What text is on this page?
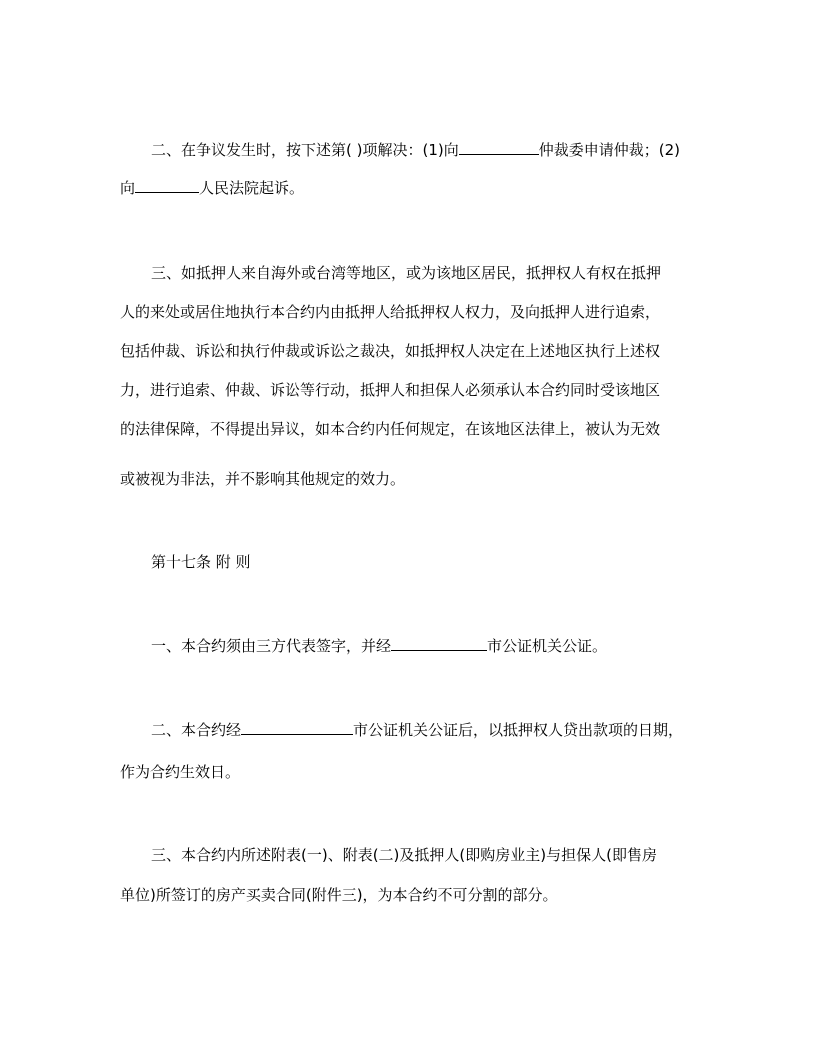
二、在争议发生时，按下述第( )项解决：(1)向	仲裁委申请仲裁；(2)
向	人民法院起诉。
三、如抵押人来自海外或台湾等地区，或为该地区居民，抵押权人有权在抵押
人的来处或居住地执行本合约内由抵押人给抵押权人权力，及向抵押人进行追索，
包括仲裁、诉讼和执行仲裁或诉讼之裁决，如抵押权人决定在上述地区执行上述权
力，进行追索、仲裁、诉讼等行动，抵押人和担保人必须承认本合约同时受该地区
的法律保障，不得提出异议，如本合约内任何规定，在该地区法律上，被认为无效
或被视为非法，并不影响其他规定的效力。
第十七条 附 则
一、本合约须由三方代表签字，并经	市公证机关公证。
二、本合约经	市公证机关公证后，以抵押权人贷出款项的日期，
作为合约生效日。
三、本合约内所述附表(一)、附表(二)及抵押人(即购房业主)与担保人(即售房
单位)所签订的房产买卖合同(附件三)，为本合约不可分割的部分。
